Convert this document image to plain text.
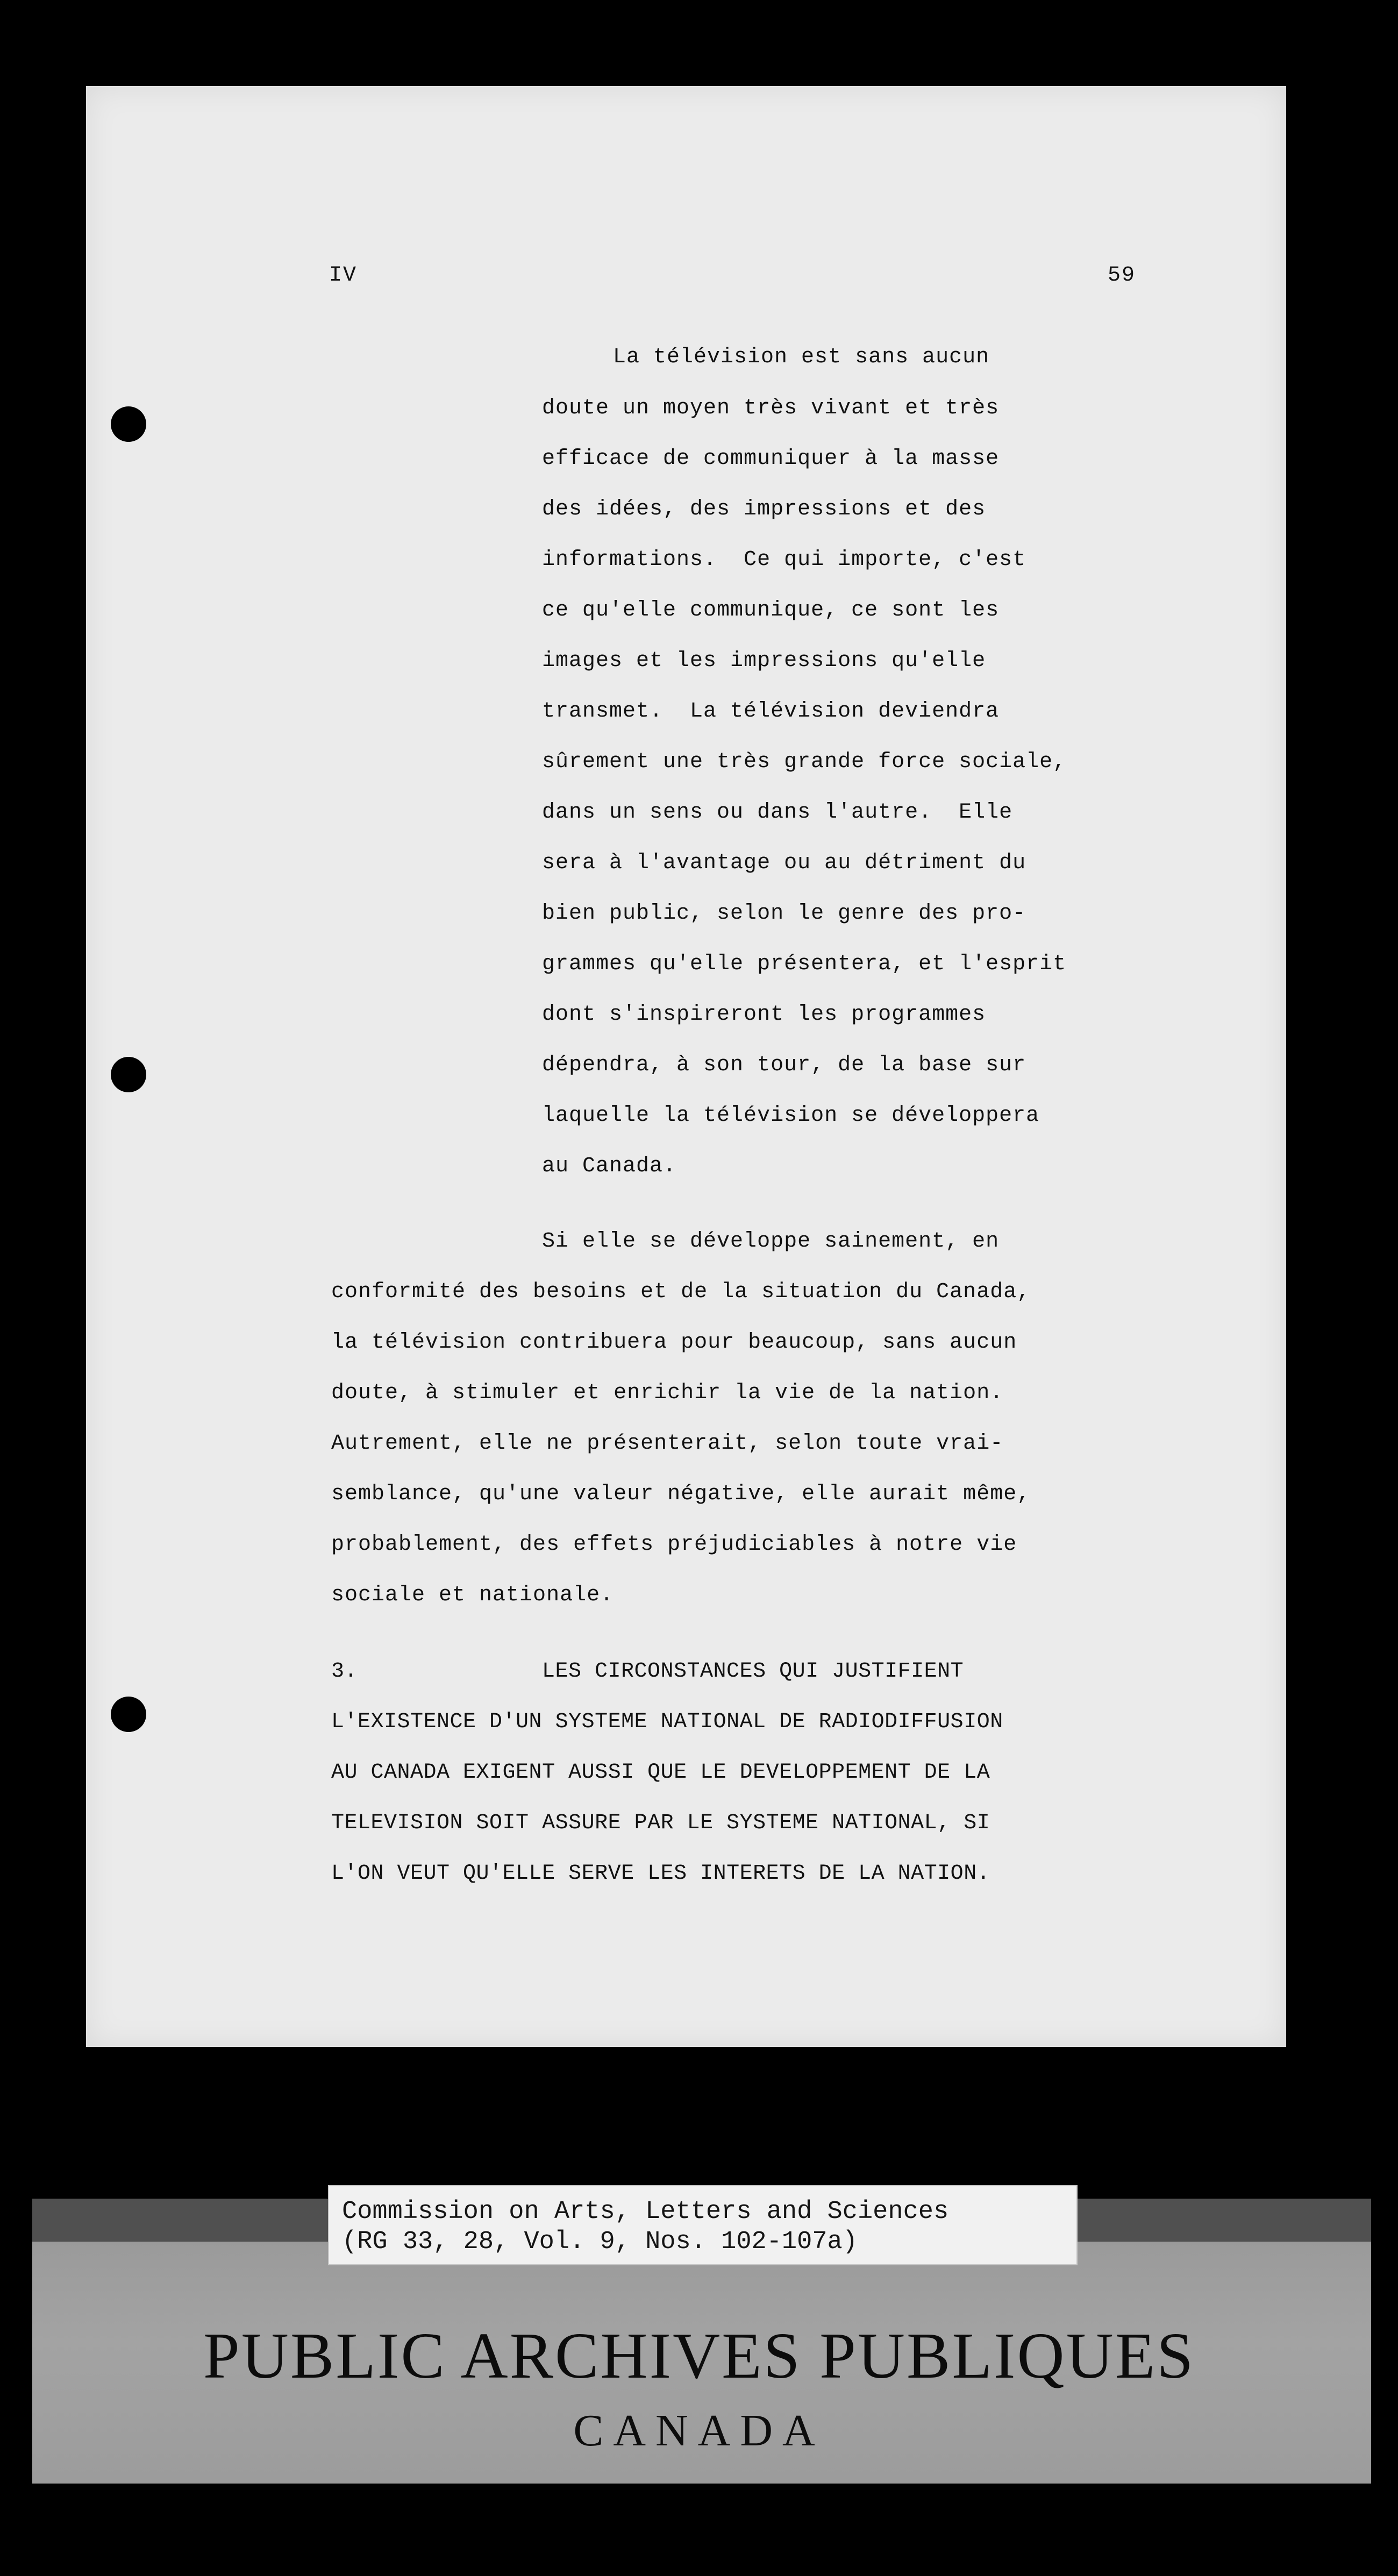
IV	59
La télévision est sans aucun
doute un moyen très vivant et très
efficace de communiquer à la masse
des idées, des impressions et des
informations.  Ce qui importe, c'est
ce qu'elle communique, ce sont les
images et les impressions qu'elle
transmet.  La télévision deviendra
sûrement une très grande force sociale,
dans un sens ou dans l'autre.  Elle
sera à l'avantage ou au détriment du
bien public, selon le genre des pro-
grammes qu'elle présentera, et l'esprit
dont s'inspireront les programmes
dépendra, à son tour, de la base sur
laquelle la télévision se développera
au Canada.
Si elle se développe sainement, en
conformité des besoins et de la situation du Canada,
la télévision contribuera pour beaucoup, sans aucun
doute, à stimuler et enrichir la vie de la nation.
Autrement, elle ne présenterait, selon toute vrai-
semblance, qu'une valeur négative, elle aurait même,
probablement, des effets préjudiciables à notre vie
sociale et nationale.
3.	LES CIRCONSTANCES QUI JUSTIFIENT
L'EXISTENCE D'UN SYSTEME NATIONAL DE RADIODIFFUSION
AU CANADA EXIGENT AUSSI QUE LE DEVELOPPEMENT DE LA
TELEVISION SOIT ASSURE PAR LE SYSTEME NATIONAL, SI
L'ON VEUT QU'ELLE SERVE LES INTERETS DE LA NATION.
Commission on Arts, Letters and Sciences
(RG 33, 28, Vol. 9, Nos. 102-107a)
PUBLIC ARCHIVES PUBLIQUES
CANADA
